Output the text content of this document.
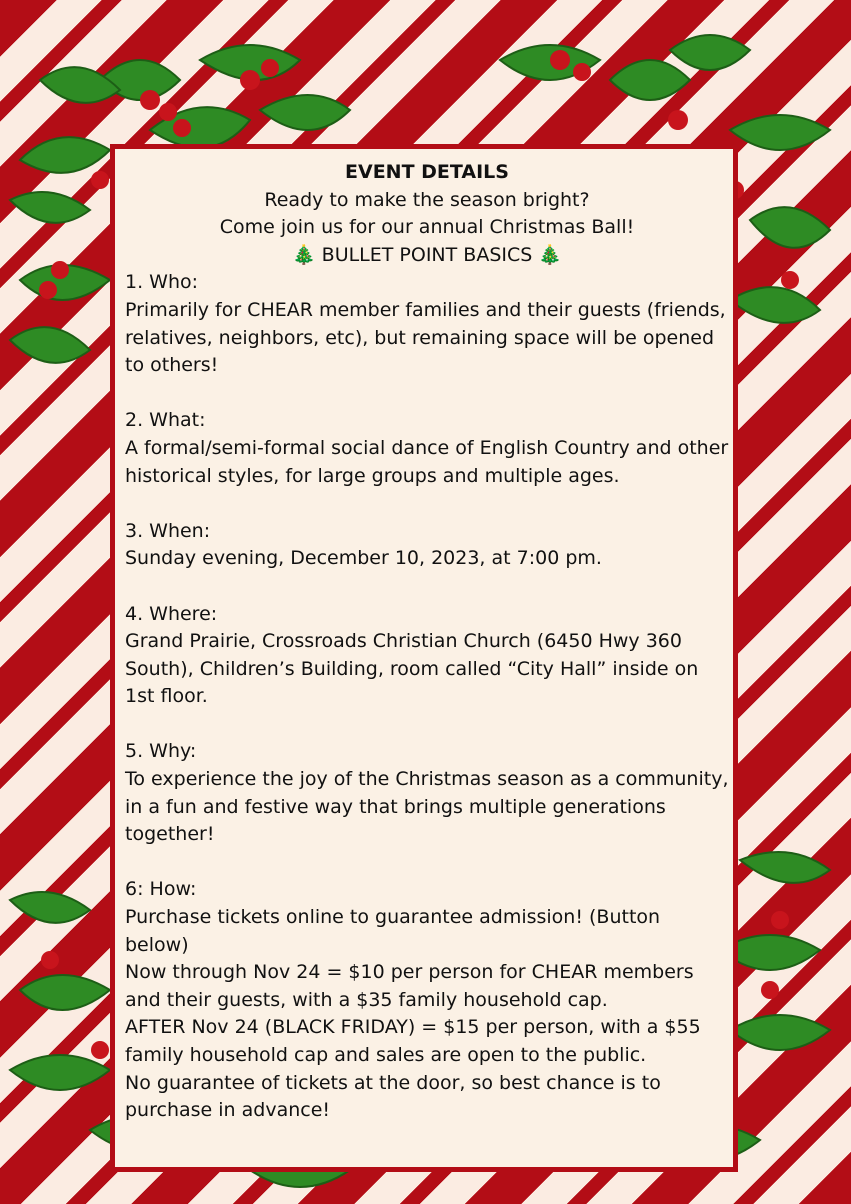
EVENT DETAILS
Ready to make the season bright?
Come join us for our annual Christmas Ball!
🎄 BULLET POINT BASICS 🎄
1. Who:
Primarily for CHEAR member families and their guests (friends, relatives, neighbors, etc), but remaining space will be opened to others!
2. What:
A formal/semi-formal social dance of English Country and other historical styles, for large groups and multiple ages.
3. When:
Sunday evening, December 10, 2023, at 7:00 pm.
4. Where:
Grand Prairie, Crossroads Christian Church (6450 Hwy 360 South), Children’s Building, room called “City Hall” inside on 1st floor.
5. Why:
To experience the joy of the Christmas season as a community, in a fun and festive way that brings multiple generations together!
6: How:
Purchase tickets online to guarantee admission! (Button below)
Now through Nov 24 = $10 per person for CHEAR members and their guests, with a $35 family household cap.
AFTER Nov 24 (BLACK FRIDAY) = $15 per person, with a $55 family household cap and sales are open to the public.
No guarantee of tickets at the door, so best chance is to purchase in advance!
